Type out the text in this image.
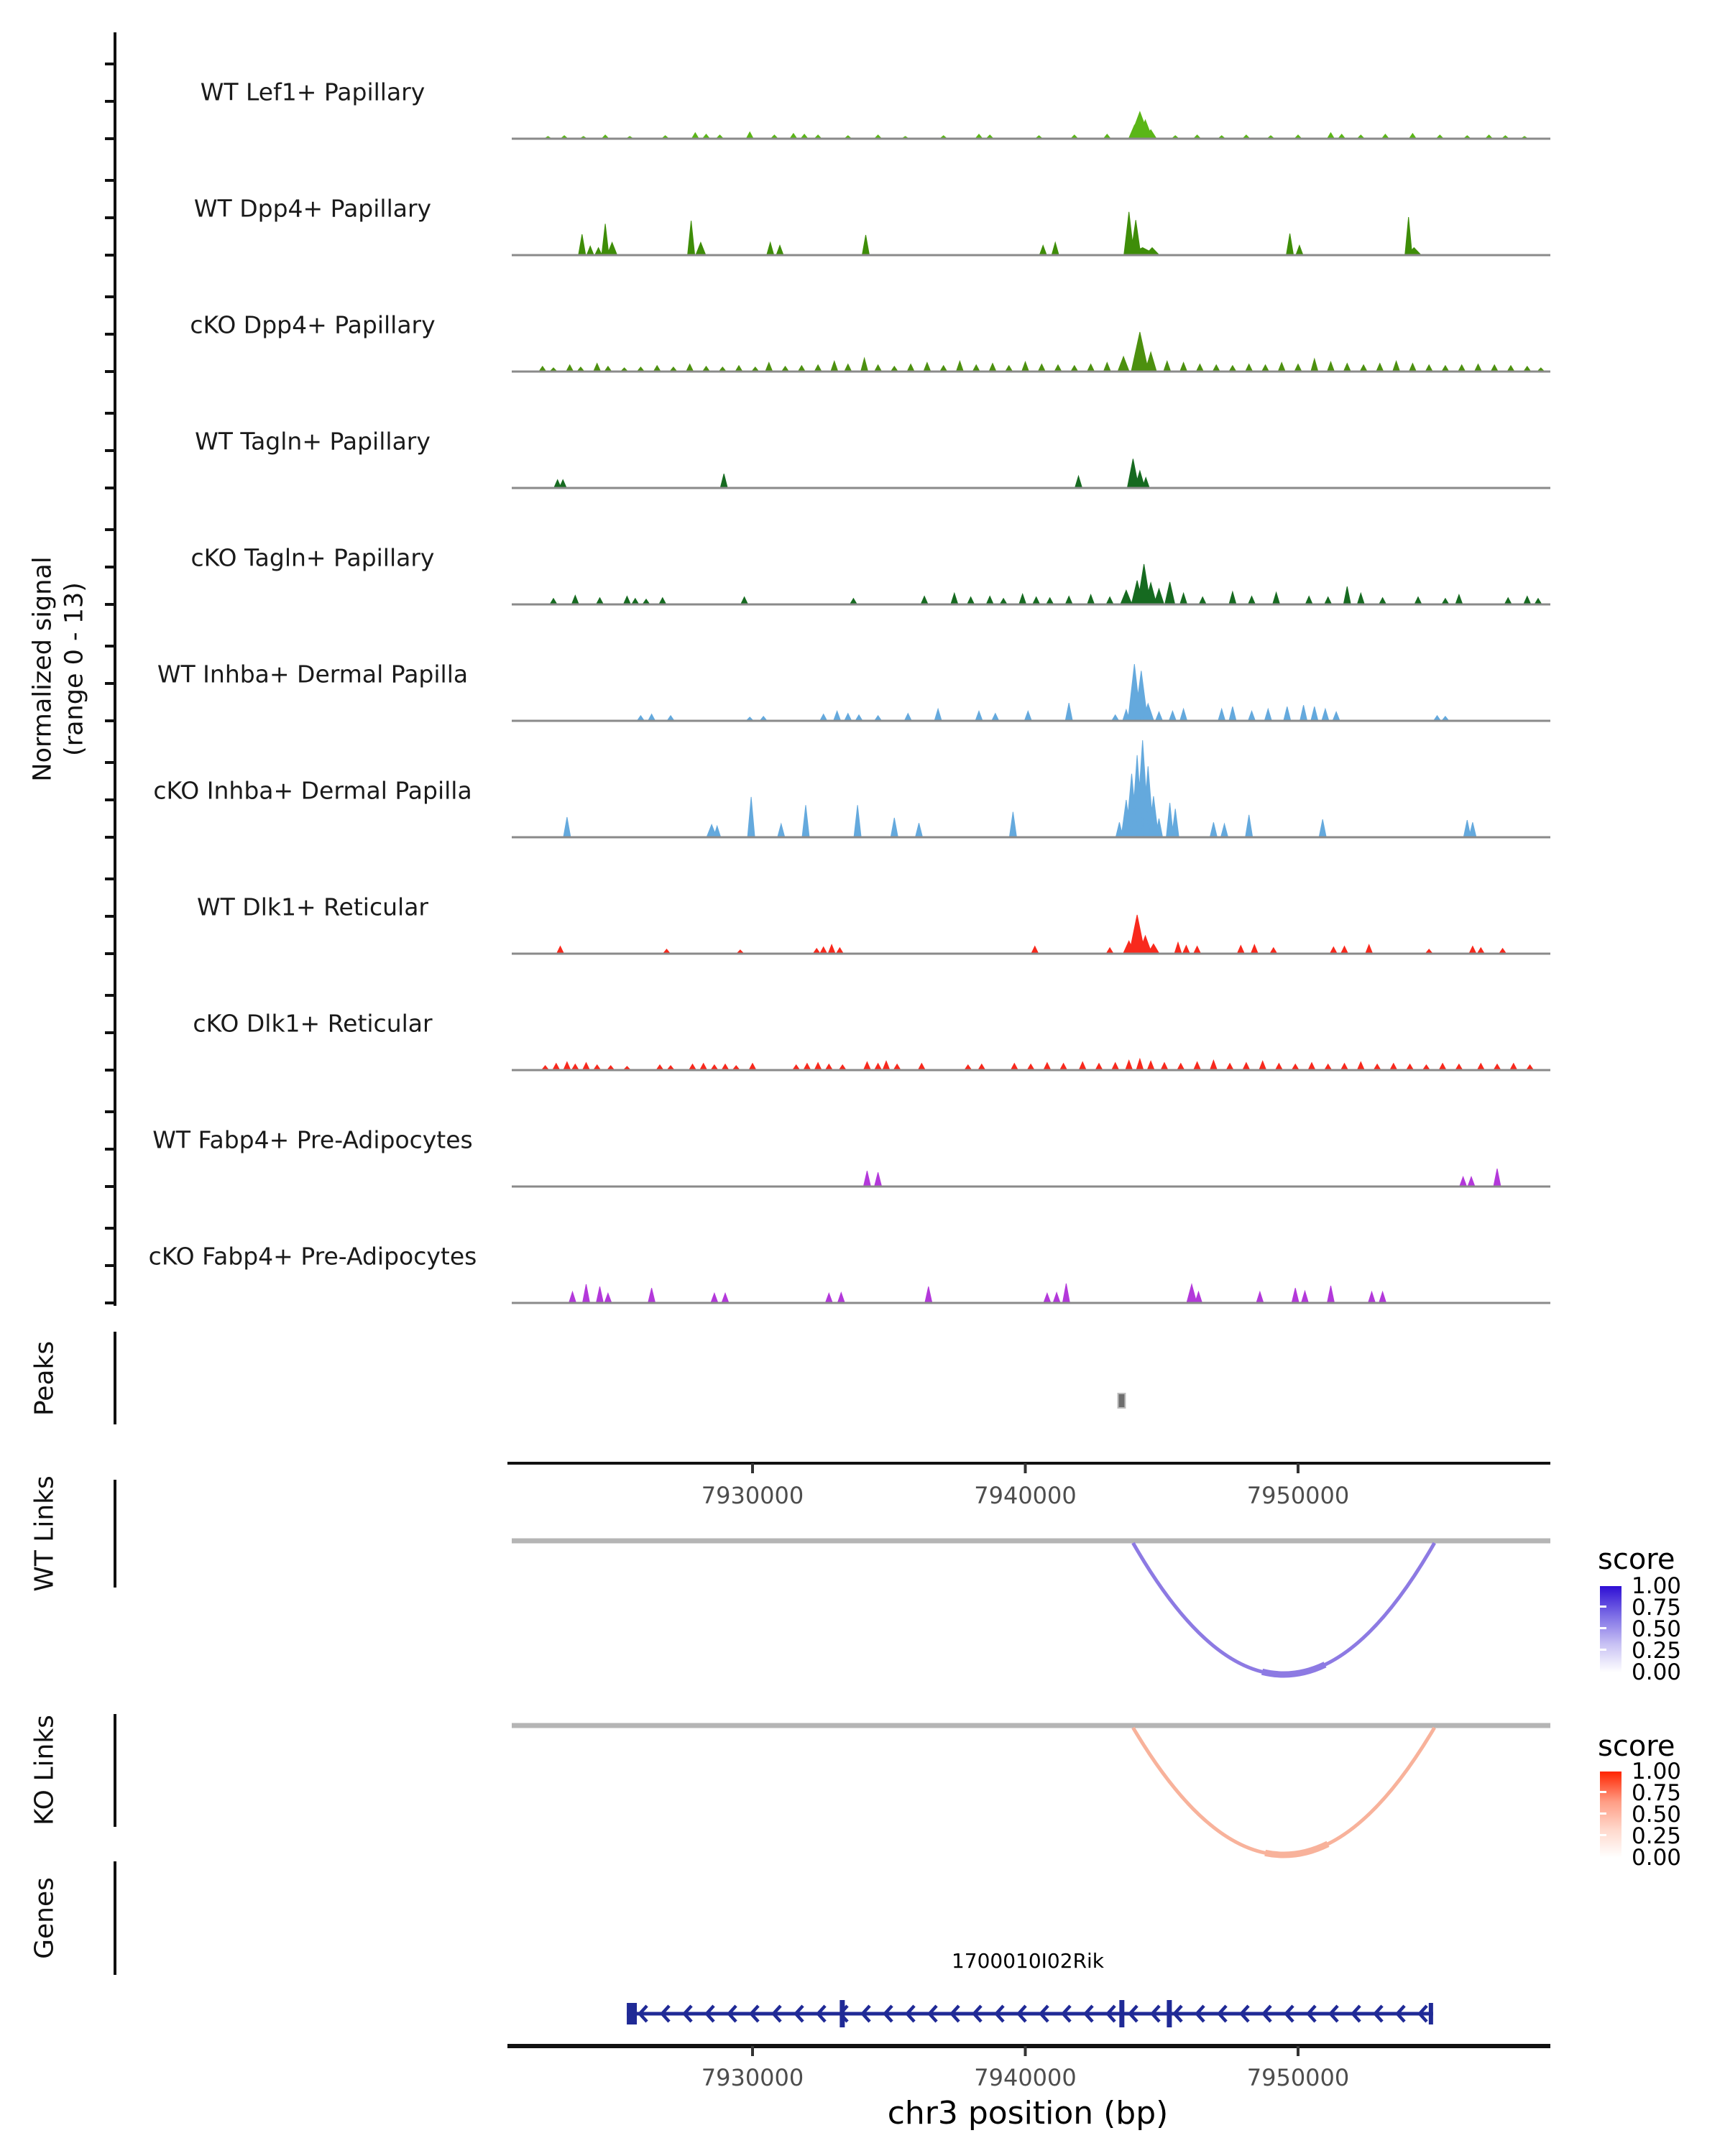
Normalized signal (range 0 - 13)
Peaks
WT Links
KO Links
Genes
WT Lef1+ Papillary
WT Dpp4+ Papillary
cKO Dpp4+ Papillary
WT Tagln+ Papillary
cKO Tagln+ Papillary
WT Inhba+ Dermal Papilla
cKO Inhba+ Dermal Papilla
WT Dlk1+ Reticular
cKO Dlk1+ Reticular
WT Fabp4+ Pre-Adipocytes
cKO Fabp4+ Pre-Adipocytes
7930000	7940000	7950000
7930000	7940000	7950000
score
1.00
0.75
0.50
0.25
0.00
score
1.00
0.75
0.50
0.25
0.00
1700010I02Rik
chr3 position (bp)
